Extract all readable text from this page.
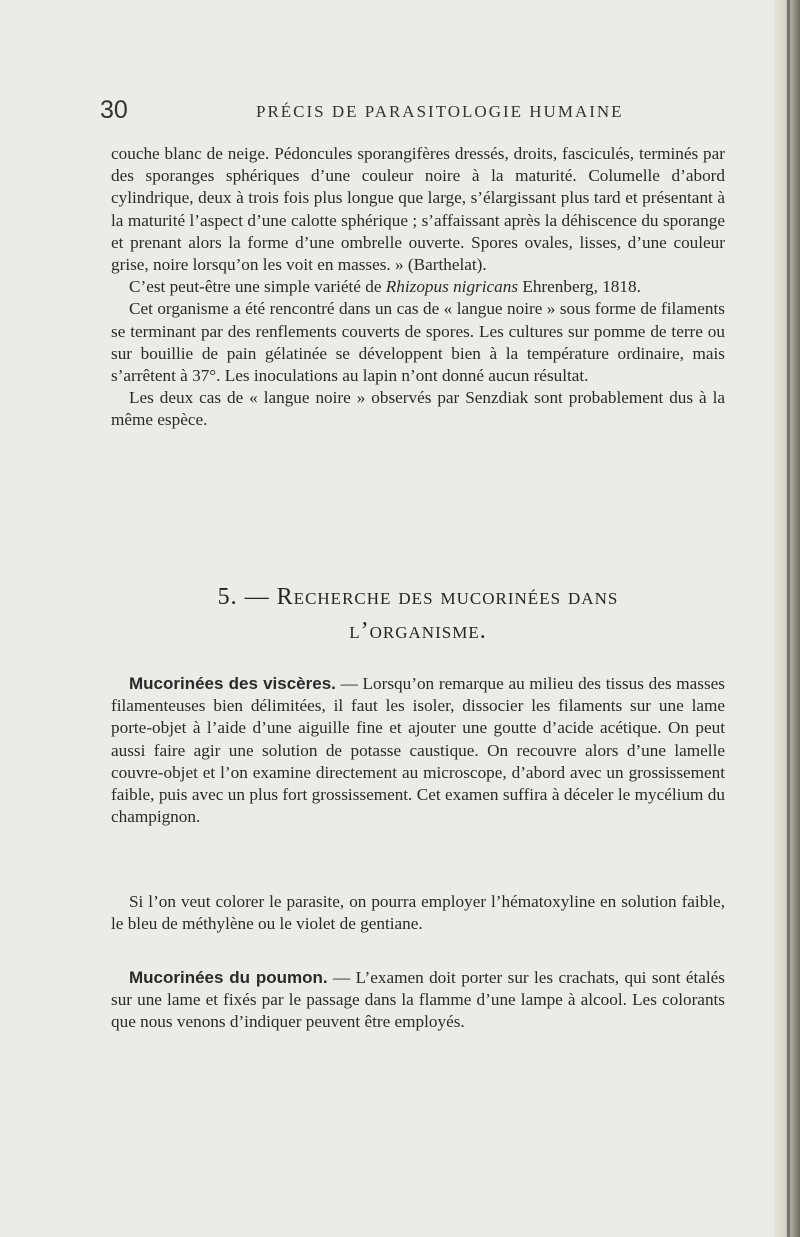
30	PRÉCIS DE PARASITOLOGIE HUMAINE

couche blanc de neige. Pédoncules sporangifères dressés, droits, fasciculés, terminés par des sporanges sphériques d’une couleur noire à la maturité. Columelle d’abord cylindrique, deux à trois fois plus longue que large, s’élargissant plus tard et présentant à la maturité l’aspect d’une calotte sphérique ; s’affaissant après la déhiscence du sporange et prenant alors la forme d’une ombrelle ouverte. Spores ovales, lisses, d’une couleur grise, noire lorsqu’on les voit en masses. » (Barthelat).

C’est peut-être une simple variété de Rhizopus nigricans Ehrenberg, 1818.

Cet organisme a été rencontré dans un cas de « langue noire » sous forme de filaments se terminant par des renflements couverts de spores. Les cultures sur pomme de terre ou sur bouillie de pain gélatinée se développent bien à la température ordinaire, mais s’arrêtent à 37°. Les inoculations au lapin n’ont donné aucun résultat.

Les deux cas de « langue noire » observés par Senzdiak sont probablement dus à la même espèce.

5. — Recherche des mucorinées dans
l’organisme.

Mucorinées des viscères. — Lorsqu’on remarque au milieu des tissus des masses filamenteuses bien délimitées, il faut les isoler, dissocier les filaments sur une lame porte-objet à l’aide d’une aiguille fine et ajouter une goutte d’acide acétique. On peut aussi faire agir une solution de potasse caustique. On recouvre alors d’une lamelle couvre-objet et l’on examine directement au microscope, d’abord avec un grossissement faible, puis avec un plus fort grossissement. Cet examen suffira à déceler le mycélium du champignon.

Si l’on veut colorer le parasite, on pourra employer l’hématoxyline en solution faible, le bleu de méthylène ou le violet de gentiane.

Mucorinées du poumon. — L’examen doit porter sur les crachats, qui sont étalés sur une lame et fixés par le passage dans la flamme d’une lampe à alcool. Les colorants que nous venons d’indiquer peuvent être employés.
